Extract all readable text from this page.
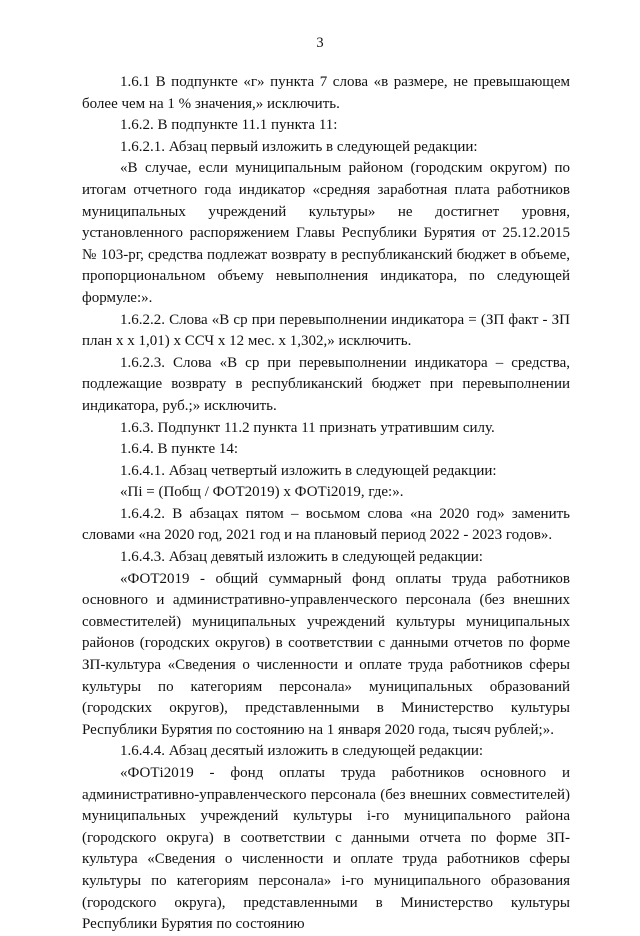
3

1.6.1 В подпункте «г» пункта 7 слова «в размере, не превышающем более чем на 1 % значения,» исключить.

1.6.2. В подпункте 11.1 пункта 11:

1.6.2.1. Абзац первый изложить в следующей редакции:

«В случае, если муниципальным районом (городским округом) по итогам отчетного года индикатор «средняя заработная плата работников муниципальных учреждений культуры» не достигнет уровня, установленного распоряжением Главы Республики Бурятия от 25.12.2015 № 103-рг, средства подлежат возврату в республиканский бюджет в объеме, пропорциональном объему невыполнения индикатора, по следующей формуле:».

1.6.2.2. Слова «В ср при перевыполнении индикатора = (ЗП факт - ЗП план х х 1,01) х ССЧ х 12 мес. х 1,302,» исключить.

1.6.2.3. Слова «В ср при перевыполнении индикатора – средства, подлежащие возврату в республиканский бюджет при перевыполнении индикатора, руб.;» исключить.

1.6.3. Подпункт 11.2 пункта 11 признать утратившим силу.

1.6.4. В пункте 14:

1.6.4.1. Абзац четвертый изложить в следующей редакции:

«Пi = (Побщ / ФОТ2019) х ФОТi2019, где:».

1.6.4.2. В абзацах пятом – восьмом слова «на 2020 год» заменить словами «на 2020 год, 2021 год и на плановый период 2022 - 2023 годов».

1.6.4.3. Абзац девятый изложить в следующей редакции:

«ФОТ2019 - общий суммарный фонд оплаты труда работников основного и административно-управленческого персонала (без внешних совместителей) муниципальных учреждений культуры муниципальных районов (городских округов) в соответствии с данными отчетов по форме ЗП-культура «Сведения о численности и оплате труда работников сферы культуры по категориям персонала» муниципальных образований (городских округов), представленными в Министерство культуры Республики Бурятия по состоянию на 1 января 2020 года, тысяч рублей;».

1.6.4.4. Абзац десятый изложить в следующей редакции:

«ФОТi2019 - фонд оплаты труда работников основного и административно-управленческого персонала (без внешних совместителей) муниципальных учреждений культуры i-го муниципального района (городского округа) в соответствии с данными отчета по форме ЗП-культура «Сведения о численности и оплате труда работников сферы культуры по категориям персонала» i-го муниципального образования (городского округа), представленными в Министерство культуры Республики Бурятия по состоянию
